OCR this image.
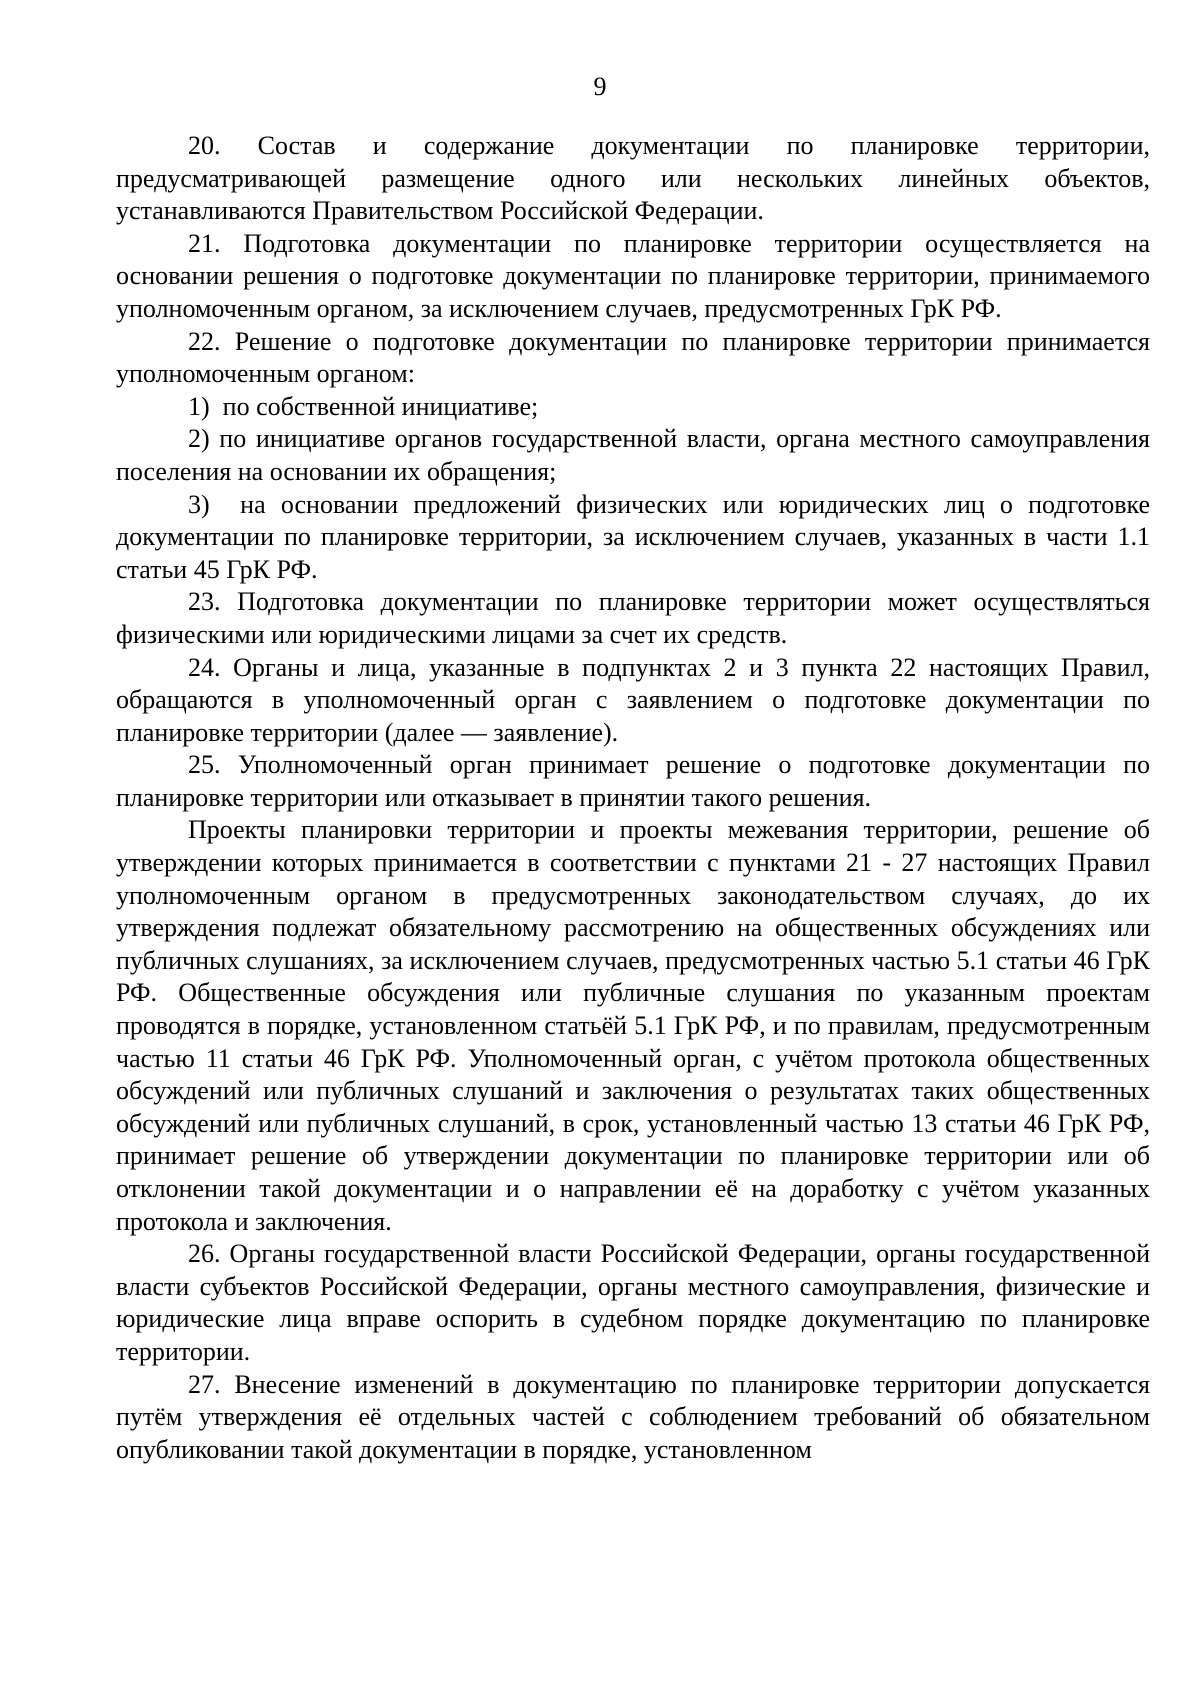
9

20. Состав и содержание документации по планировке территории, предусматривающей размещение одного или нескольких линейных объектов, устанавливаются Правительством Российской Федерации.

21. Подготовка документации по планировке территории осуществляется на основании решения о подготовке документации по планировке территории, принимаемого уполномоченным органом, за исключением случаев, предусмотренных ГрК РФ.

22. Решение о подготовке документации по планировке территории принимается уполномоченным органом:

1) по собственной инициативе;

2) по инициативе органов государственной власти, органа местного самоуправления поселения на основании их обращения;

3) на основании предложений физических или юридических лиц о подготовке документации по планировке территории, за исключением случаев, указанных в части 1.1 статьи 45 ГрК РФ.

23. Подготовка документации по планировке территории может осуществляться физическими или юридическими лицами за счет их средств.

24. Органы и лица, указанные в подпунктах 2 и 3 пункта 22 настоящих Правил, обращаются в уполномоченный орган с заявлением о подготовке документации по планировке территории (далее — заявление).

25. Уполномоченный орган принимает решение о подготовке документации по планировке территории или отказывает в принятии такого решения.

Проекты планировки территории и проекты межевания территории, решение об утверждении которых принимается в соответствии с пунктами 21 - 27 настоящих Правил уполномоченным органом в предусмотренных законодательством случаях, до их утверждения подлежат обязательному рассмотрению на общественных обсуждениях или публичных слушаниях, за исключением случаев, предусмотренных частью 5.1 статьи 46 ГрК РФ. Общественные обсуждения или публичные слушания по указанным проектам проводятся в порядке, установленном статьёй 5.1 ГрК РФ, и по правилам, предусмотренным частью 11 статьи 46 ГрК РФ. Уполномоченный орган, с учётом протокола общественных обсуждений или публичных слушаний и заключения о результатах таких общественных обсуждений или публичных слушаний, в срок, установленный частью 13 статьи 46 ГрК РФ, принимает решение об утверждении документации по планировке территории или об отклонении такой документации и о направлении её на доработку с учётом указанных протокола и заключения.

26. Органы государственной власти Российской Федерации, органы государственной власти субъектов Российской Федерации, органы местного самоуправления, физические и юридические лица вправе оспорить в судебном порядке документацию по планировке территории.

27. Внесение изменений в документацию по планировке территории допускается путём утверждения её отдельных частей с соблюдением требований об обязательном опубликовании такой документации в порядке, установленном
